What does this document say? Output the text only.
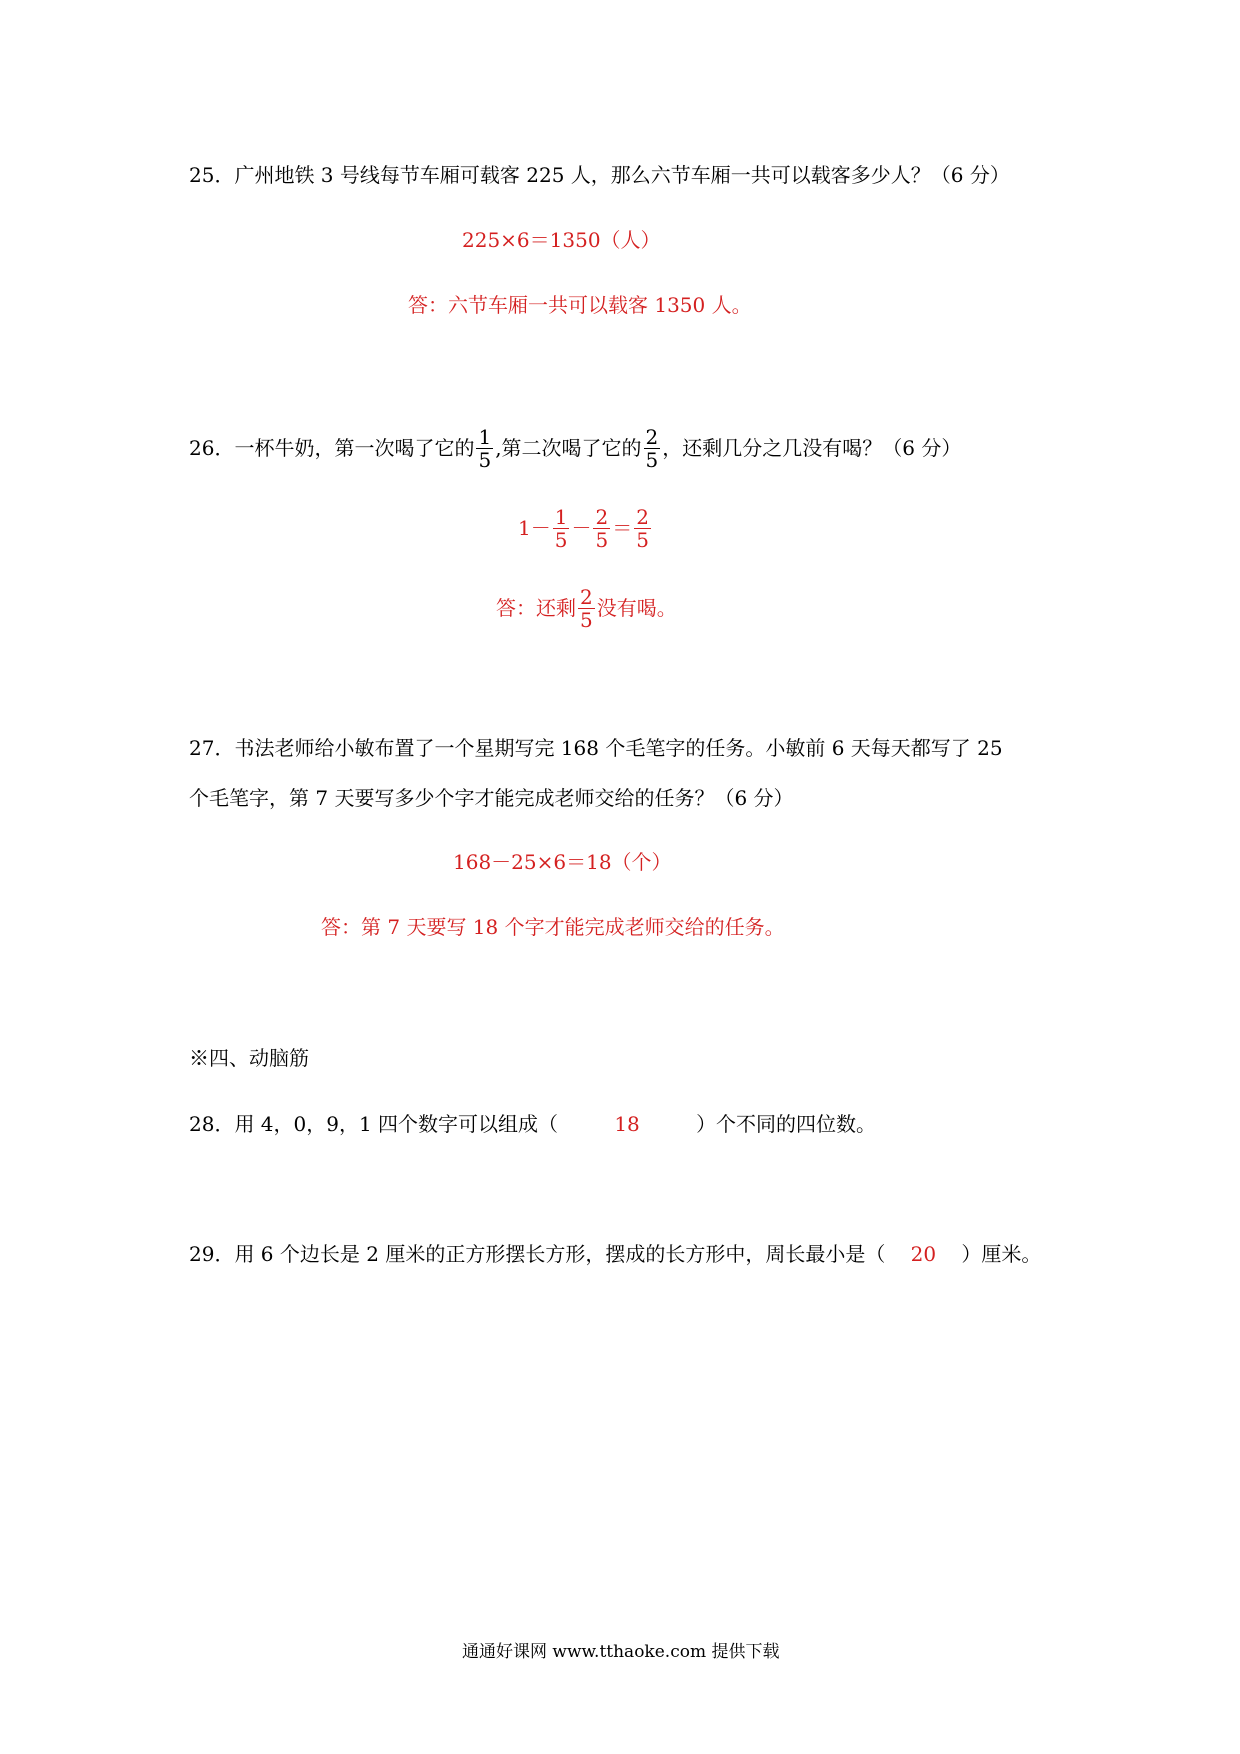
25．广州地铁 3 号线每节车厢可载客 225 人，那么六节车厢一共可以载客多少人？（6 分）
225×6＝1350（人）
答：六节车厢一共可以载客 1350 人。
26．一杯牛奶，第一次喝了它的 $\frac{1}{5}$ ,第二次喝了它的 $\frac{2}{5}$ ，还剩几分之几没有喝？（6 分）
$1- \frac{1}{5} - \frac{2}{5} = \frac{2}{5}$
答：还剩 $\frac{2}{5}$ 没有喝。
27．书法老师给小敏布置了一个星期写完 168 个毛笔字的任务。小敏前 6 天每天都写了 25
个毛笔字，第 7 天要写多少个字才能完成老师交给的任务？（6 分）
168－25×6＝18（个）
答：第 7 天要写 18 个字才能完成老师交给的任务。
※四、动脑筋
28．用 4，0，9，1 四个数字可以组成（	18	）个不同的四位数。
29．用 6 个边长是 2 厘米的正方形摆长方形，摆成的长方形中，周长最小是（ 20 ）厘米。
通通好课网 www.tthaoke.com 提供下载
